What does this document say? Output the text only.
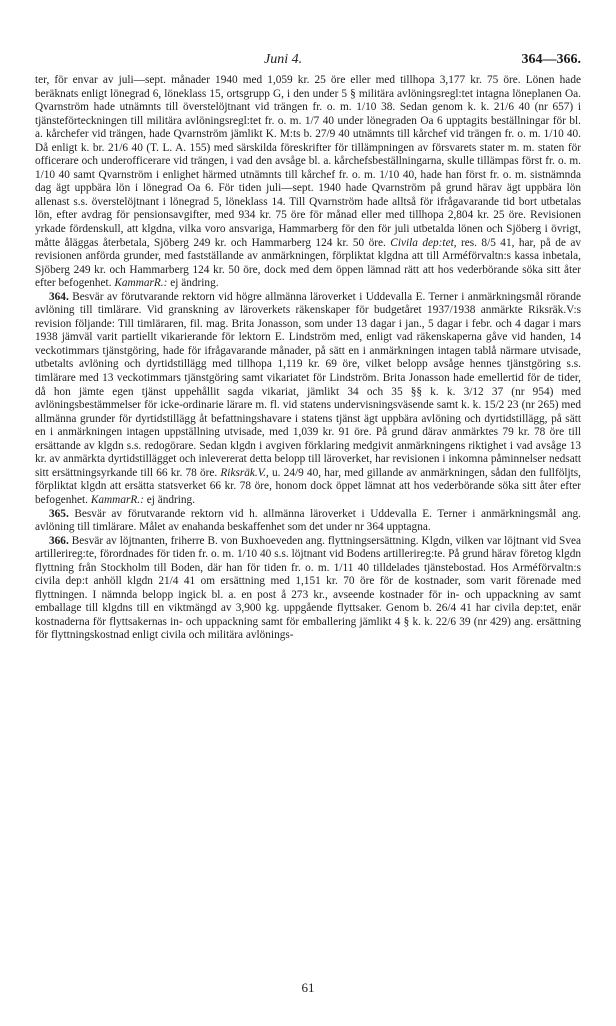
Juni 4.	364—366.

ter, för envar av juli—sept. månader 1940 med 1,059 kr. 25 öre eller med tillhopa 3,177 kr. 75 öre. Lönen hade beräknats enligt lönegrad 6, löneklass 15, ortsgrupp G, i den under 5 § militära avlöningsregl:tet intagna löneplanen Oa. Qvarnström hade utnämnts till överstelöjtnant vid trängen fr. o. m. 1/10 38. Sedan genom k. k. 21/6 40 (nr 657) i tjänsteförteckningen till militära avlöningsregl:tet fr. o. m. 1/7 40 under lönegraden Oa 6 upptagits beställningar för bl. a. kårchefer vid trängen, hade Qvarnström jämlikt K. M:ts b. 27/9 40 utnämnts till kårchef vid trängen fr. o. m. 1/10 40. Då enligt k. br. 21/6 40 (T. L. A. 155) med särskilda föreskrifter för tillämpningen av försvarets stater m. m. staten för officerare och underofficerare vid trängen, i vad den avsåge bl. a. kårchefsbeställningarna, skulle tillämpas först fr. o. m. 1/10 40 samt Qvarnström i enlighet härmed utnämnts till kårchef fr. o. m. 1/10 40, hade han först fr. o. m. sistnämnda dag ägt uppbära lön i lönegrad Oa 6. För tiden juli—sept. 1940 hade Qvarnström på grund härav ägt uppbära lön allenast s.s. överstelöjtnant i lönegrad 5, löneklass 14. Till Qvarnström hade alltså för ifrågavarande tid bort utbetalas lön, efter avdrag för pensionsavgifter, med 934 kr. 75 öre för månad eller med tillhopa 2,804 kr. 25 öre. Revisionen yrkade fördenskull, att klgdna, vilka voro ansvariga, Hammarberg för den för juli utbetalda lönen och Sjöberg i övrigt, måtte åläggas återbetala, Sjöberg 249 kr. och Hammarberg 124 kr. 50 öre. Civila dep:tet, res. 8/5 41, har, på de av revisionen anförda grunder, med fastställande av anmärkningen, förpliktat klgdna att till Arméförvaltn:s kassa inbetala, Sjöberg 249 kr. och Hammarberg 124 kr. 50 öre, dock med dem öppen lämnad rätt att hos vederbörande söka sitt åter efter befogenhet. KammarR.: ej ändring.

364. Besvär av förutvarande rektorn vid högre allmänna läroverket i Uddevalla E. Terner i anmärkningsmål rörande avlöning till timlärare. Vid granskning av läroverkets räkenskaper för budgetåret 1937/1938 anmärkte Riksräk.V:s revision följande: Till timläraren, fil. mag. Brita Jonasson, som under 13 dagar i jan., 5 dagar i febr. och 4 dagar i mars 1938 jämväl varit partiellt vikarierande för lektorn E. Lindström med, enligt vad räkenskaperna gåve vid handen, 14 veckotimmars tjänstgöring, hade för ifrågavarande månader, på sätt en i anmärkningen intagen tablå närmare utvisade, utbetalts avlöning och dyrtidstillägg med tillhopa 1,119 kr. 69 öre, vilket belopp avsåge hennes tjänstgöring s.s. timlärare med 13 veckotimmars tjänstgöring samt vikariatet för Lindström. Brita Jonasson hade emellertid för de tider, då hon jämte egen tjänst uppehållit sagda vikariat, jämlikt 34 och 35 §§ k. k. 3/12 37 (nr 954) med avlöningsbestämmelser för icke-ordinarie lärare m. fl. vid statens undervisningsväsende samt k. k. 15/2 23 (nr 265) med allmänna grunder för dyrtidstillägg åt befattningshavare i statens tjänst ägt uppbära avlöning och dyrtidstillägg, på sätt en i anmärkningen intagen uppställning utvisade, med 1,039 kr. 91 öre. På grund därav anmärktes 79 kr. 78 öre till ersättande av klgdn s.s. redogörare. Sedan klgdn i avgiven förklaring medgivit anmärkningens riktighet i vad avsåge 13 kr. av anmärkta dyrtidstillägget och inlevererat detta belopp till läroverket, har revisionen i inkomna påminnelser nedsatt sitt ersättningsyrkande till 66 kr. 78 öre. Riksräk.V., u. 24/9 40, har, med gillande av anmärkningen, sådan den fullföljts, förpliktat klgdn att ersätta statsverket 66 kr. 78 öre, honom dock öppet lämnat att hos vederbörande söka sitt åter efter befogenhet. KammarR.: ej ändring.

365. Besvär av förutvarande rektorn vid h. allmänna läroverket i Uddevalla E. Terner i anmärkningsmål ang. avlöning till timlärare. Målet av enahanda beskaffenhet som det under nr 364 upptagna.

366. Besvär av löjtnanten, friherre B. von Buxhoeveden ang. flyttningsersättning. Klgdn, vilken var löjtnant vid Svea artillerireg:te, förordnades för tiden fr. o. m. 1/10 40 s.s. löjtnant vid Bodens artillerireg:te. På grund härav företog klgdn flyttning från Stockholm till Boden, där han för tiden fr. o. m. 1/11 40 tilldelades tjänstebostad. Hos Arméförvaltn:s civila dep:t anhöll klgdn 21/4 41 om ersättning med 1,151 kr. 70 öre för de kostnader, som varit förenade med flyttningen. I nämnda belopp ingick bl. a. en post å 273 kr., avseende kostnader för in- och uppackning av samt emballage till klgdns till en viktmängd av 3,900 kg. uppgående flyttsaker. Genom b. 26/4 41 har civila dep:tet, enär kostnaderna för flyttsakernas in- och uppackning samt för emballering jämlikt 4 § k. k. 22/6 39 (nr 429) ang. ersättning för flyttningskostnad enligt civila och militära avlönings-

61
